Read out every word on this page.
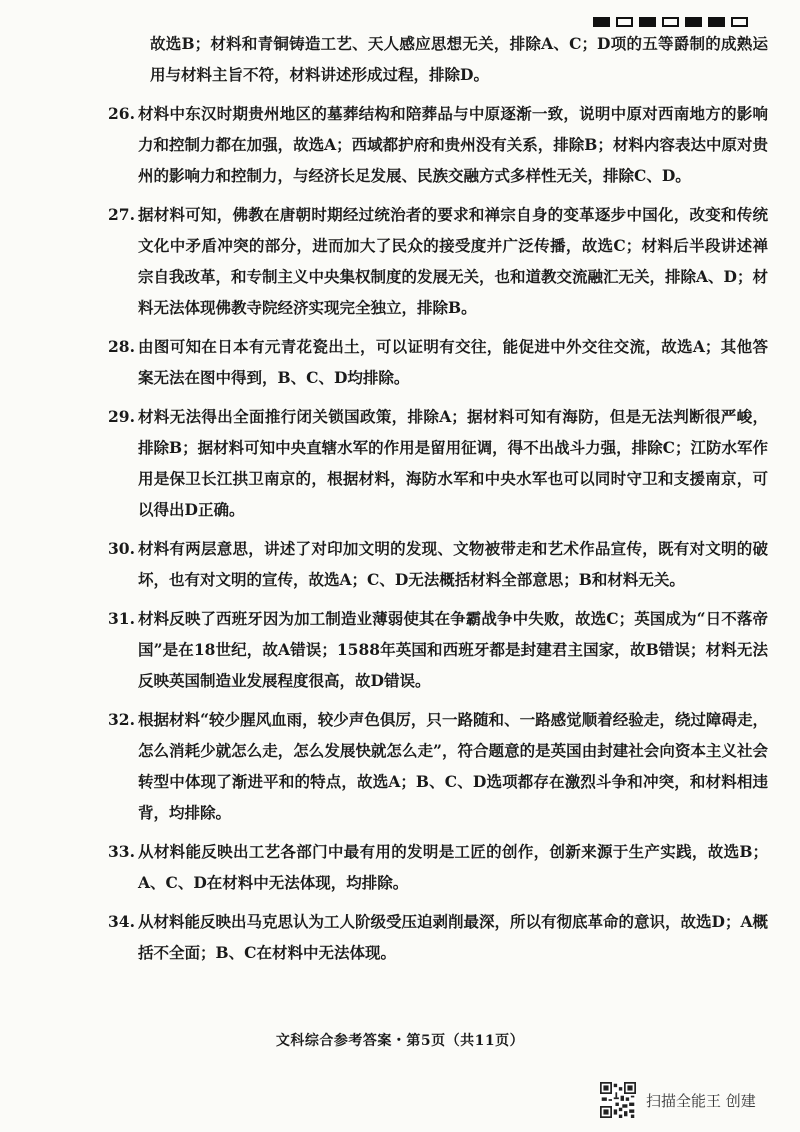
故选B；材料和青铜铸造工艺、天人感应思想无关，排除A、C；D项的五等爵制的成熟运用与材料主旨不符，材料讲述形成过程，排除D。
26. 材料中东汉时期贵州地区的墓葬结构和陪葬品与中原逐渐一致，说明中原对西南地方的影响力和控制力都在加强，故选A；西域都护府和贵州没有关系，排除B；材料内容表达中原对贵州的影响力和控制力，与经济长足发展、民族交融方式多样性无关，排除C、D。
27. 据材料可知，佛教在唐朝时期经过统治者的要求和禅宗自身的变革逐步中国化，改变和传统文化中矛盾冲突的部分，进而加大了民众的接受度并广泛传播，故选C；材料后半段讲述禅宗自我改革，和专制主义中央集权制度的发展无关，也和道教交流融汇无关，排除A、D；材料无法体现佛教寺院经济实现完全独立，排除B。
28. 由图可知在日本有元青花瓷出土，可以证明有交往，能促进中外交往交流，故选A；其他答案无法在图中得到，B、C、D均排除。
29. 材料无法得出全面推行闭关锁国政策，排除A；据材料可知有海防，但是无法判断很严峻，排除B；据材料可知中央直辖水军的作用是留用征调，得不出战斗力强，排除C；江防水军作用是保卫长江拱卫南京的，根据材料，海防水军和中央水军也可以同时守卫和支援南京，可以得出D正确。
30. 材料有两层意思，讲述了对印加文明的发现、文物被带走和艺术作品宣传，既有对文明的破坏，也有对文明的宣传，故选A；C、D无法概括材料全部意思；B和材料无关。
31. 材料反映了西班牙因为加工制造业薄弱使其在争霸战争中失败，故选C；英国成为“日不落帝国”是在18世纪，故A错误；1588年英国和西班牙都是封建君主国家，故B错误；材料无法反映英国制造业发展程度很高，故D错误。
32. 根据材料“较少腥风血雨，较少声色俱厉，只一路随和、一路感觉顺着经验走，绕过障碍走，怎么消耗少就怎么走，怎么发展快就怎么走”，符合题意的是英国由封建社会向资本主义社会转型中体现了渐进平和的特点，故选A；B、C、D选项都存在激烈斗争和冲突，和材料相违背，均排除。
33. 从材料能反映出工艺各部门中最有用的发明是工匠的创作，创新来源于生产实践，故选B；A、C、D在材料中无法体现，均排除。
34. 从材料能反映出马克思认为工人阶级受压迫剥削最深，所以有彻底革命的意识，故选D；A概括不全面；B、C在材料中无法体现。
文科综合参考答案・第5页（共11页）
扫描全能王 创建
